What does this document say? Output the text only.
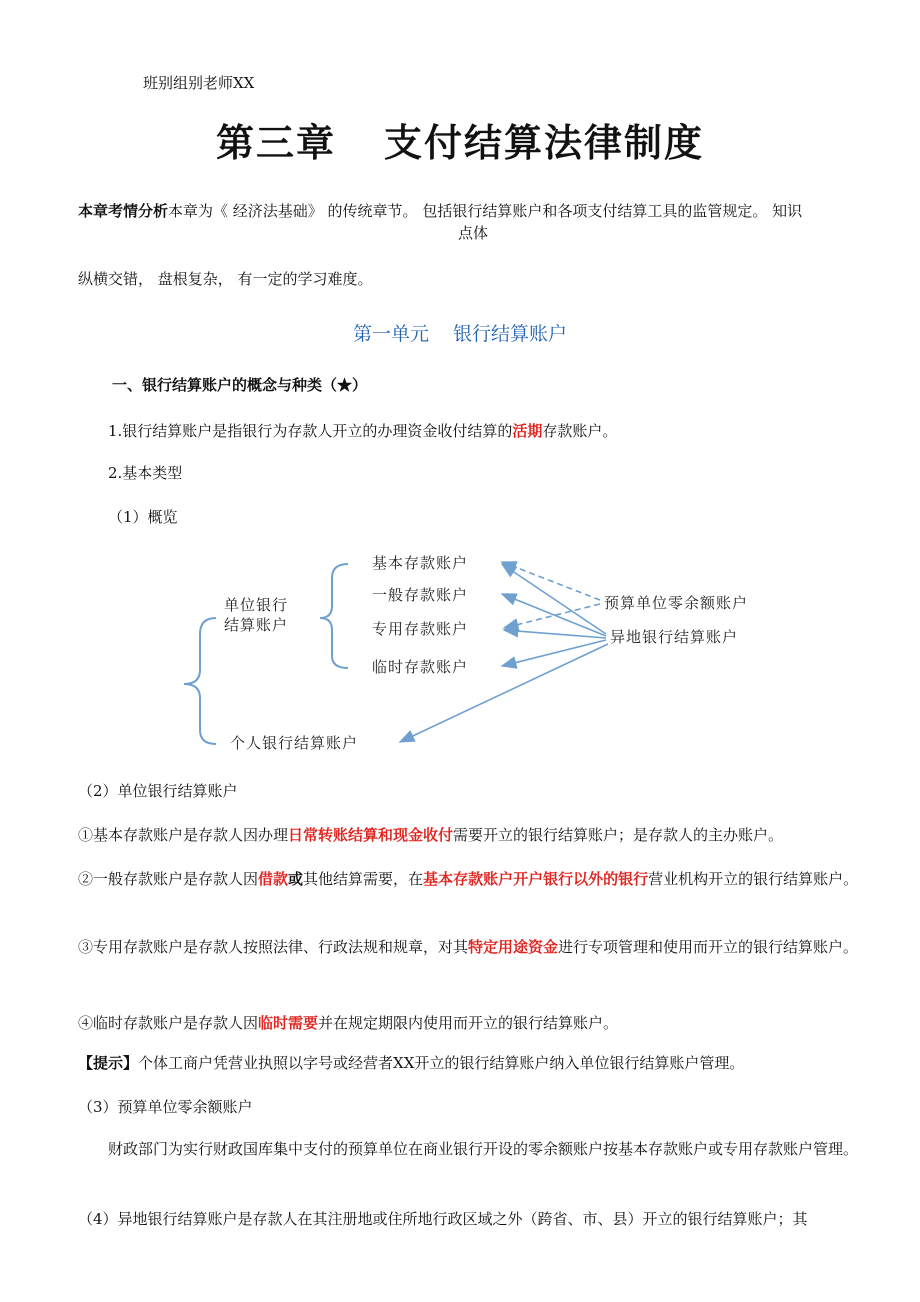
班别组别老师XX
第三章 支付结算法律制度
本章考情分析本章为《 经济法基础》 的传统章节。 包括银行结算账户和各项支付结算工具的监管规定。 知识
点体
纵横交错， 盘根复杂， 有一定的学习难度。
第一单元 银行结算账户
一、银行结算账户的概念与种类（★）
1.银行结算账户是指银行为存款人开立的办理资金收付结算的活期存款账户。
2.基本类型
（1）概览
单位银行
结算账户
基本存款账户
一般存款账户
专用存款账户
临时存款账户
个人银行结算账户
预算单位零余额账户
异地银行结算账户
（2）单位银行结算账户
①基本存款账户是存款人因办理日常转账结算和现金收付需要开立的银行结算账户；是存款人的主办账户。
②一般存款账户是存款人因借款或其他结算需要，在基本存款账户开户银行以外的银行营业机构开立的银行结算账户。
③专用存款账户是存款人按照法律、行政法规和规章，对其特定用途资金进行专项管理和使用而开立的银行结算账户。
④临时存款账户是存款人因临时需要并在规定期限内使用而开立的银行结算账户。
【提示】个体工商户凭营业执照以字号或经营者XX开立的银行结算账户纳入单位银行结算账户管理。
（3）预算单位零余额账户
财政部门为实行财政国库集中支付的预算单位在商业银行开设的零余额账户按基本存款账户或专用存款账户管理。
（4）异地银行结算账户是存款人在其注册地或住所地行政区域之外（跨省、市、县）开立的银行结算账户；其
